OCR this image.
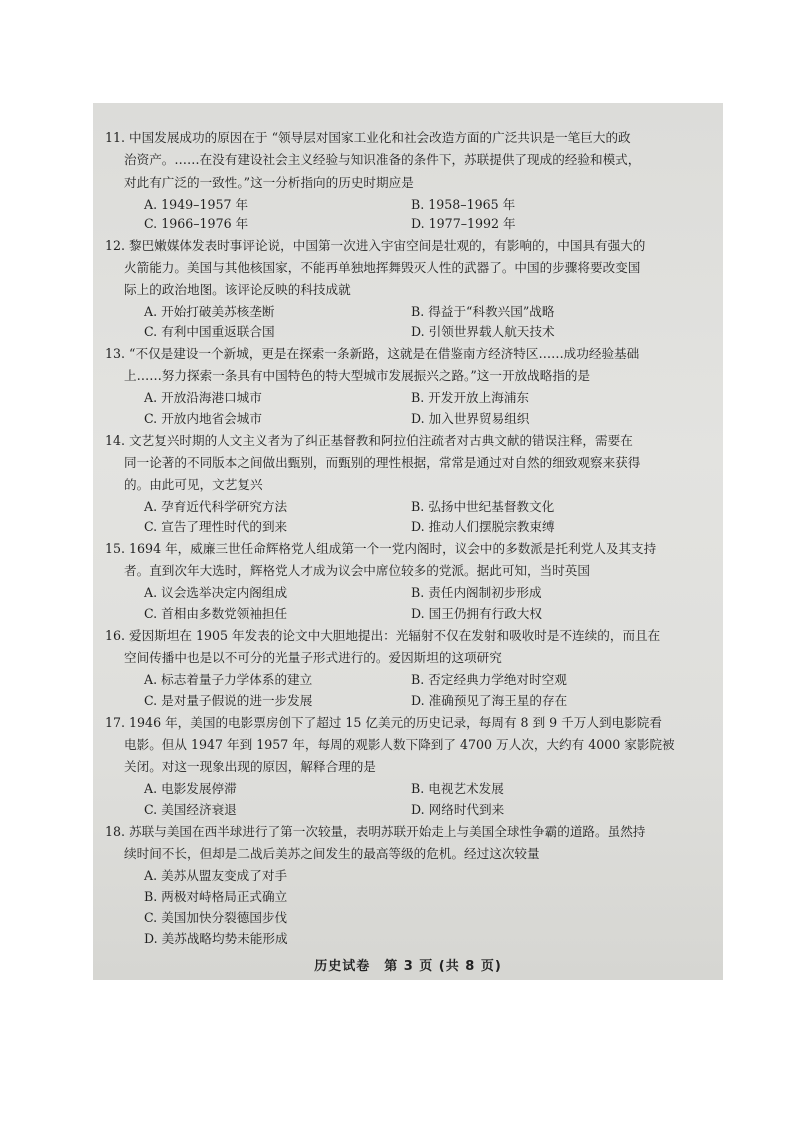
11. 中国发展成功的原因在于 “领导层对国家工业化和社会改造方面的广泛共识是一笔巨大的政
治资产。……在没有建设社会主义经验与知识准备的条件下，苏联提供了现成的经验和模式，
对此有广泛的一致性。”这一分析指向的历史时期应是
A. 1949–1957 年	B. 1958–1965 年
C. 1966–1976 年	D. 1977–1992 年
12. 黎巴嫩媒体发表时事评论说，中国第一次进入宇宙空间是壮观的，有影响的，中国具有强大的
火箭能力。美国与其他核国家，不能再单独地挥舞毁灭人性的武器了。中国的步骤将要改变国
际上的政治地图。该评论反映的科技成就
A. 开始打破美苏核垄断	B. 得益于“科教兴国”战略
C. 有利中国重返联合国	D. 引领世界载人航天技术
13. “不仅是建设一个新城，更是在探索一条新路，这就是在借鉴南方经济特区……成功经验基础
上……努力探索一条具有中国特色的特大型城市发展振兴之路。”这一开放战略指的是
A. 开放沿海港口城市	B. 开发开放上海浦东
C. 开放内地省会城市	D. 加入世界贸易组织
14. 文艺复兴时期的人文主义者为了纠正基督教和阿拉伯注疏者对古典文献的错误注释，需要在
同一论著的不同版本之间做出甄别，而甄别的理性根据，常常是通过对自然的细致观察来获得
的。由此可见，文艺复兴
A. 孕育近代科学研究方法	B. 弘扬中世纪基督教文化
C. 宣告了理性时代的到来	D. 推动人们摆脱宗教束缚
15. 1694 年，威廉三世任命辉格党人组成第一个一党内阁时，议会中的多数派是托利党人及其支持
者。直到次年大选时，辉格党人才成为议会中席位较多的党派。据此可知，当时英国
A. 议会选举决定内阁组成	B. 责任内阁制初步形成
C. 首相由多数党领袖担任	D. 国王仍拥有行政大权
16. 爱因斯坦在 1905 年发表的论文中大胆地提出：光辐射不仅在发射和吸收时是不连续的，而且在
空间传播中也是以不可分的光量子形式进行的。爱因斯坦的这项研究
A. 标志着量子力学体系的建立	B. 否定经典力学绝对时空观
C. 是对量子假说的进一步发展	D. 准确预见了海王星的存在
17. 1946 年，美国的电影票房创下了超过 15 亿美元的历史记录，每周有 8 到 9 千万人到电影院看
电影。但从 1947 年到 1957 年，每周的观影人数下降到了 4700 万人次，大约有 4000 家影院被
关闭。对这一现象出现的原因，解释合理的是
A. 电影发展停滞	B. 电视艺术发展
C. 美国经济衰退	D. 网络时代到来
18. 苏联与美国在西半球进行了第一次较量，表明苏联开始走上与美国全球性争霸的道路。虽然持
续时间不长，但却是二战后美苏之间发生的最高等级的危机。经过这次较量
A. 美苏从盟友变成了对手
B. 两极对峙格局正式确立
C. 美国加快分裂德国步伐
D. 美苏战略均势未能形成
历史试卷　第 3 页 (共 8 页)
